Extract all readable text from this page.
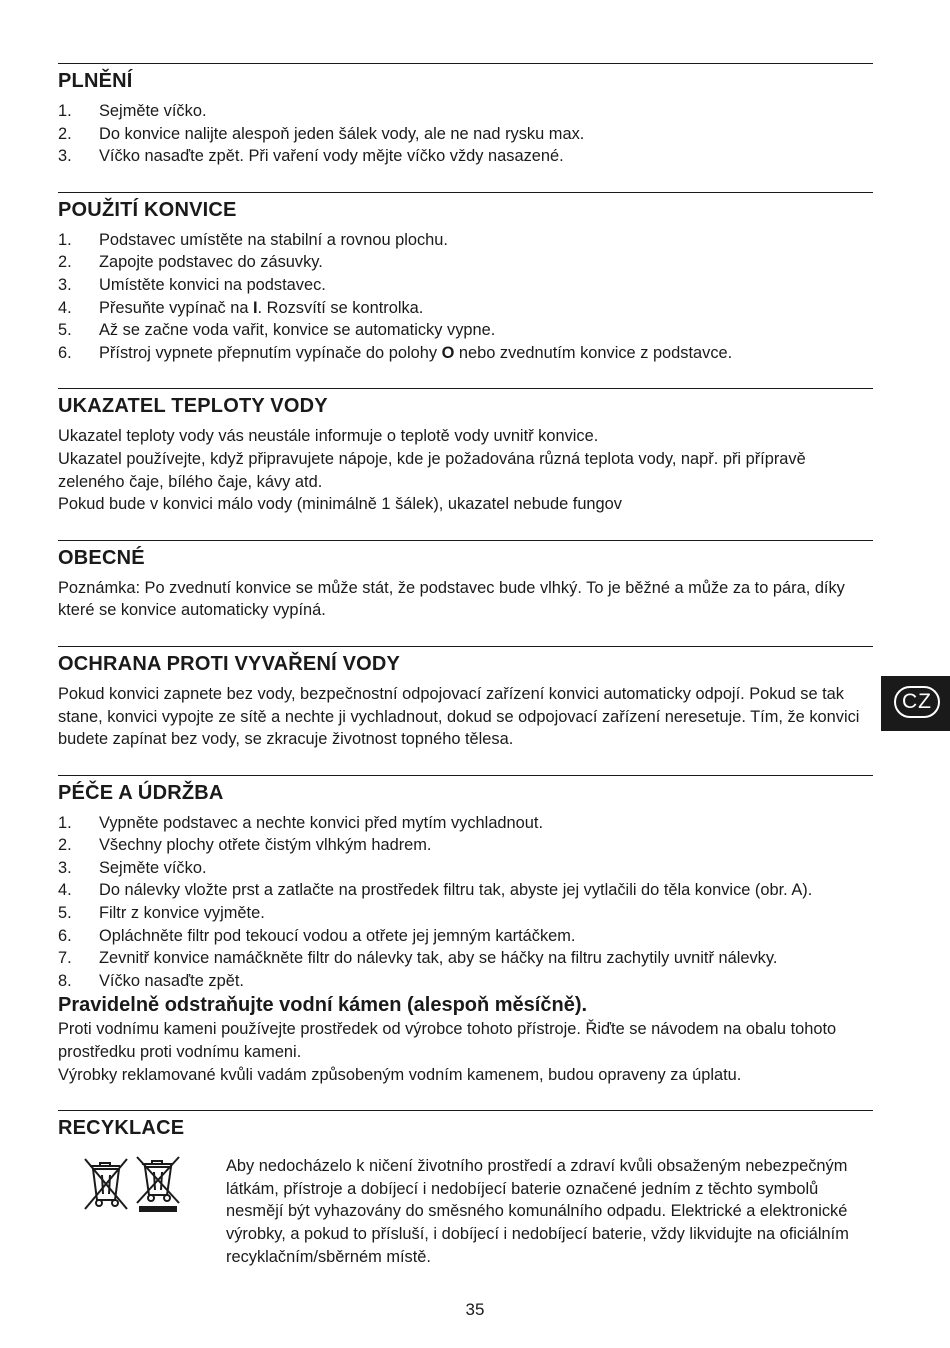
PLNĚNÍ
1. Sejměte víčko.
2. Do konvice nalijte alespoň jeden šálek vody, ale ne nad rysku max.
3. Víčko nasaďte zpět. Při vaření vody mějte víčko vždy nasazené.
POUŽITÍ KONVICE
1. Podstavec umístěte na stabilní a rovnou plochu.
2. Zapojte podstavec do zásuvky.
3. Umístěte konvici na podstavec.
4. Přesuňte vypínač na I. Rozsvítí se kontrolka.
5. Až se začne voda vařit, konvice se automaticky vypne.
6. Přístroj vypnete přepnutím vypínače do polohy O nebo zvednutím konvice z podstavce.
UKAZATEL TEPLOTY VODY

Ukazatel teploty vody vás neustále informuje o teplotě vody uvnitř konvice.

Ukazatel používejte, když připravujete nápoje, kde je požadována různá teplota vody, např. při přípravě zeleného čaje, bílého čaje, kávy atd.

Pokud bude v konvici málo vody (minimálně 1 šálek), ukazatel nebude fungov

OBECNÉ

Poznámka: Po zvednutí konvice se může stát, že podstavec bude vlhký. To je běžné a může za to pára, díky které se konvice automaticky vypíná.

OCHRANA PROTI VYVAŘENÍ VODY

Pokud konvici zapnete bez vody, bezpečnostní odpojovací zařízení konvici automaticky odpojí. Pokud se tak stane, konvici vypojte ze sítě a nechte ji vychladnout, dokud se odpojovací zařízení neresetuje. Tím, že konvici budete zapínat bez vody, se zkracuje životnost topného tělesa.

PÉČE A ÚDRŽBA
1. Vypněte podstavec a nechte konvici před mytím vychladnout.
2. Všechny plochy otřete čistým vlhkým hadrem.
3. Sejměte víčko.
4. Do nálevky vložte prst a zatlačte na prostředek filtru tak, abyste jej vytlačili do těla konvice (obr. A).
5. Filtr z konvice vyjměte.
6. Opláchněte filtr pod tekoucí vodou a otřete jej jemným kartáčkem.
7. Zevnitř konvice namáčkněte filtr do nálevky tak, aby se háčky na filtru zachytily uvnitř nálevky.
8. Víčko nasaďte zpět.
Pravidelně odstraňujte vodní kámen (alespoň měsíčně).

Proti vodnímu kameni používejte prostředek od výrobce tohoto přístroje. Řiďte se návodem na obalu tohoto prostředku proti vodnímu kameni.

Výrobky reklamované kvůli vadám způsobeným vodním kamenem, budou opraveny za úplatu.

RECYKLACE

Aby nedocházelo k ničení životního prostředí a zdraví kvůli obsaženým nebezpečným látkám, přístroje a dobíjecí i nedobíjecí baterie označené jedním z těchto symbolů nesmějí být vyhazovány do směsného komunálního odpadu. Elektrické a elektronické výrobky, a pokud to přísluší, i dobíjecí i nedobíjecí baterie, vždy likvidujte na oficiálním recyklačním/sběrném místě.

CZ
35
